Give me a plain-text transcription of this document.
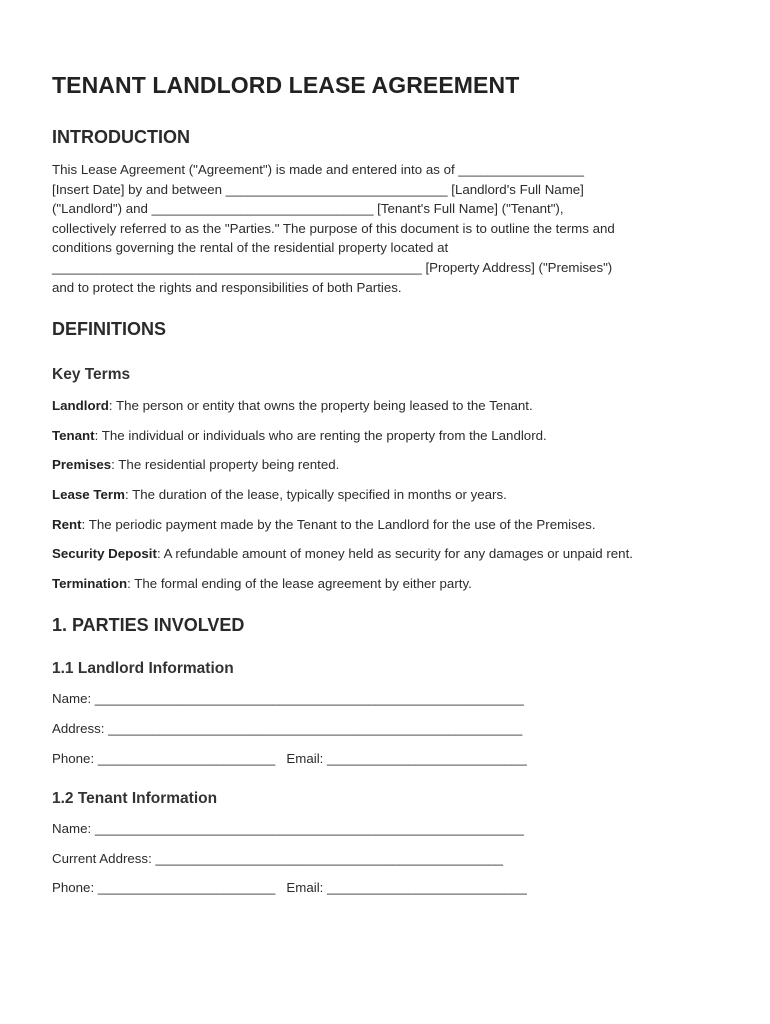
TENANT LANDLORD LEASE AGREEMENT
INTRODUCTION

This Lease Agreement ("Agreement") is made and entered into as of _________________

[Insert Date] by and between ______________________________ [Landlord's Full Name]

("Landlord") and ______________________________ [Tenant's Full Name] ("Tenant"),

collectively referred to as the "Parties." The purpose of this document is to outline the terms and

conditions governing the rental of the residential property located at

__________________________________________________ [Property Address] ("Premises")

and to protect the rights and responsibilities of both Parties.

DEFINITIONS
Key Terms

Landlord: The person or entity that owns the property being leased to the Tenant.

Tenant: The individual or individuals who are renting the property from the Landlord.

Premises: The residential property being rented.

Lease Term: The duration of the lease, typically specified in months or years.

Rent: The periodic payment made by the Tenant to the Landlord for the use of the Premises.

Security Deposit: A refundable amount of money held as security for any damages or unpaid rent.

Termination: The formal ending of the lease agreement by either party.

1. PARTIES INVOLVED
1.1 Landlord Information

Name: __________________________________________________________

Address: ________________________________________________________

Phone: ________________________   Email: ___________________________

1.2 Tenant Information

Name: __________________________________________________________

Current Address: _______________________________________________

Phone: ________________________   Email: ___________________________
